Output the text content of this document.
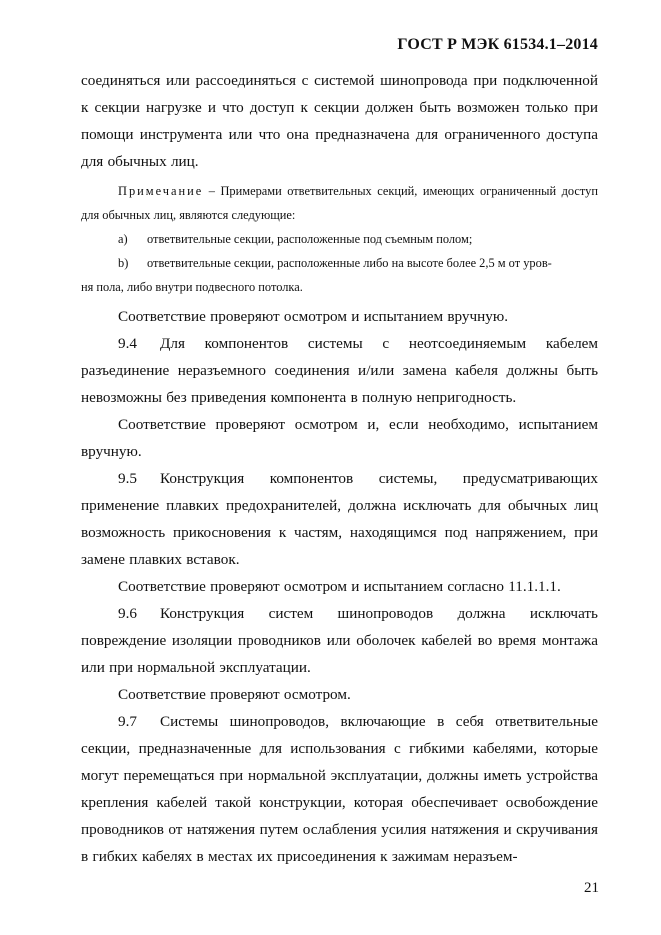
ГОСТ Р МЭК 61534.1–2014

соединяться или рассоединяться с системой шинопровода при подключенной к секции нагрузке и что доступ к секции должен быть возможен только при помощи инструмента или что она предназначена для ограниченного доступа для обычных лиц.

Примечание – Примерами ответвительных секций, имеющих ограниченный доступ для обычных лиц, являются следующие:

а)	ответвительные секции, расположенные под съемным полом;
b)	ответвительные секции, расположенные либо на высоте более 2,5 м от уров-

ня пола, либо внутри подвесного потолка.

Соответствие проверяют осмотром и испытанием вручную.

9.4 Для компонентов системы с неотсоединяемым кабелем разъединение неразъемного соединения и/или замена кабеля должны быть невозможны без приведения компонента в полную непригодность.

Соответствие проверяют осмотром и, если необходимо, испытанием вручную.

9.5 Конструкция компонентов системы, предусматривающих применение плавких предохранителей, должна исключать для обычных лиц возможность прикосновения к частям, находящимся под напряжением, при замене плавких вставок.

Соответствие проверяют осмотром и испытанием согласно 11.1.1.1.

9.6 Конструкция систем шинопроводов должна исключать повреждение изоляции проводников или оболочек кабелей во время монтажа или при нормальной эксплуатации.

Соответствие проверяют осмотром.

9.7 Системы шинопроводов, включающие в себя ответвительные секции, предназначенные для использования с гибкими кабелями, которые могут перемещаться при нормальной эксплуатации, должны иметь устройства крепления кабелей такой конструкции, которая обеспечивает освобождение проводников от натяжения путем ослабления усилия натяжения и скручивания в гибких кабелях в местах их присоединения к зажимам неразъем-

21
